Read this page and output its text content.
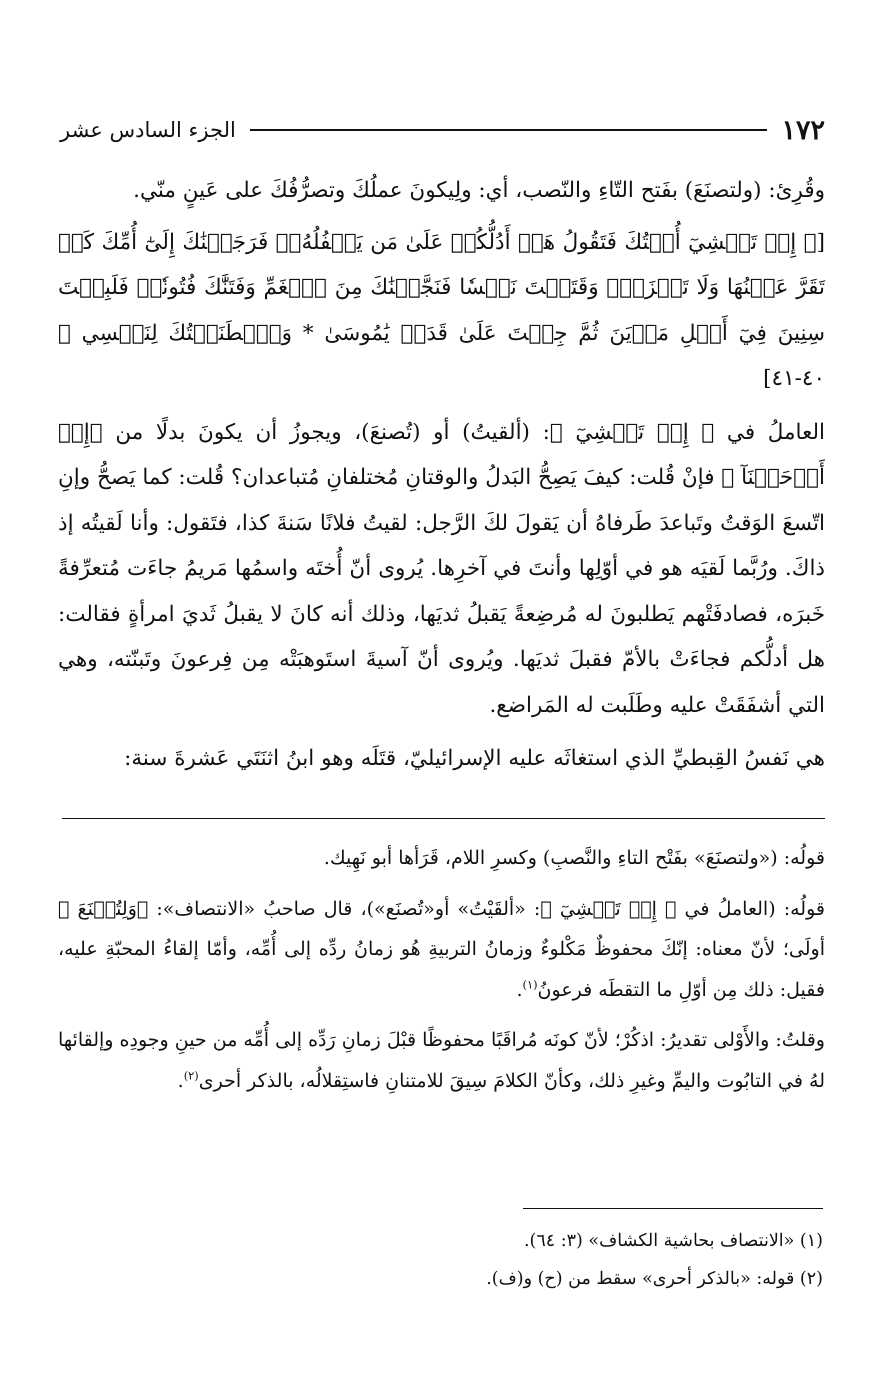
١٧٢
الجزء السادس عشر

وقُرِئ: (ولتصنَعَ) بفَتح التّاءِ والنّصب، أي: ولِيكونَ عملُكَ وتصرُّفُكَ على عَينٍ منّي.

[﴿ إِذۡ تَمۡشِيٓ أُخۡتُكَ فَتَقُولُ هَلۡ أَدُلُّكُمۡ عَلَىٰ مَن يَكۡفُلُهُۥۖ فَرَجَعۡنَٰكَ إِلَىٰٓ أُمِّكَ كَيۡ تَقَرَّ عَيۡنُهَا وَلَا تَحۡزَنَۚ وَقَتَلۡتَ نَفۡسٗا فَنَجَّيۡنَٰكَ مِنَ ٱلۡغَمِّ وَفَتَنَّٰكَ فُتُونٗاۚ فَلَبِثۡتَ سِنِينَ فِيٓ أَهۡلِ مَدۡيَنَ ثُمَّ جِئۡتَ عَلَىٰ قَدَرٖ يَٰمُوسَىٰ * وَٱصۡطَنَعۡتُكَ لِنَفۡسِي ﴾ ٤٠-٤١]

العاملُ في ﴿ إِذۡ تَمۡشِيٓ ﴾: (ألقيتُ) أو (تُصنعَ)، ويجوزُ أن يكونَ بدلًا من ﴿إِذۡ أَوۡحَيۡنَآ ﴾ فإنْ قُلت: كيفَ يَصِحُّ البَدلُ والوقتانِ مُختلفانِ مُتباعدان؟ قُلت: كما يَصحُّ وإنِ اتّسعَ الوَقتُ وتَباعدَ طَرفاهُ أن يَقولَ لكَ الرَّجل: لقيتُ فلانًا سَنةَ كذا، فتَقول: وأنا لَقيتُه إذ ذاكَ. ورُبَّما لَقيَه هو في أوّلِها وأنتَ في آخرِها. يُروى أنّ أُختَه واسمُها مَريمُ جاءَت مُتعرِّفةً خَبرَه، فصادفَتْهم يَطلبونَ له مُرضِعةً يَقبلُ ثديَها، وذلك أنه كانَ لا يقبلُ ثَديَ امرأةٍ فقالت: هل أدلُّكم فجاءَتْ بالأمّ فقبلَ ثديَها. ويُروى أنّ آسيةَ استَوهبَتْه مِن فِرعونَ وتَبنّته، وهي التي أشفَقَتْ عليه وطَلَبت له المَراضع.

هي نَفسُ القِبطيِّ الذي استغاثَه عليه الإسرائيليّ، قتَلَه وهو ابنُ اثنَتَي عَشرةَ سنة:

قولُه: («ولتصنَعَ» بفَتْح التاءِ والنَّصبِ) وكسرِ اللام، قَرَأها أبو نَهِيك.

قولُه: (العاملُ في ﴿ إِذۡ تَمۡشِيٓ ﴾: «ألقَيْتُ» أو«تُصنَع»)، قال صاحبُ «الانتصاف»: ﴿وَلِتُصۡنَعَ ﴾ أولَى؛ لأنّ معناه: إنّكَ محفوظٌ مَكْلوءٌ وزمانُ التربيةِ هُو زمانُ ردِّه إلى أُمِّه، وأمّا إلقاءُ المحبّةِ عليه، فقيل: ذلك مِن أوّلِ ما التقطَه فرعونُ$^{(١)}$.

وقلتُ: والأَوْلى تقديرُ: اذكُرْ؛ لأنّ كونَه مُراقَبًا محفوظًا قبْلَ زمانِ رَدِّه إلى أُمِّه من حينِ وجودِه وإلقائها لهُ في التابُوت واليمِّ وغيرِ ذلك، وكأنّ الكلامَ سِيقَ للامتنانِ فاستِقلالُه، بالذكر أحرى$^{(٢)}$.

(١) «الانتصاف بحاشية الكشاف» (٣: ٦٤).

(٢) قوله: «بالذكر أحرى» سقط من (ح) و(ف).
